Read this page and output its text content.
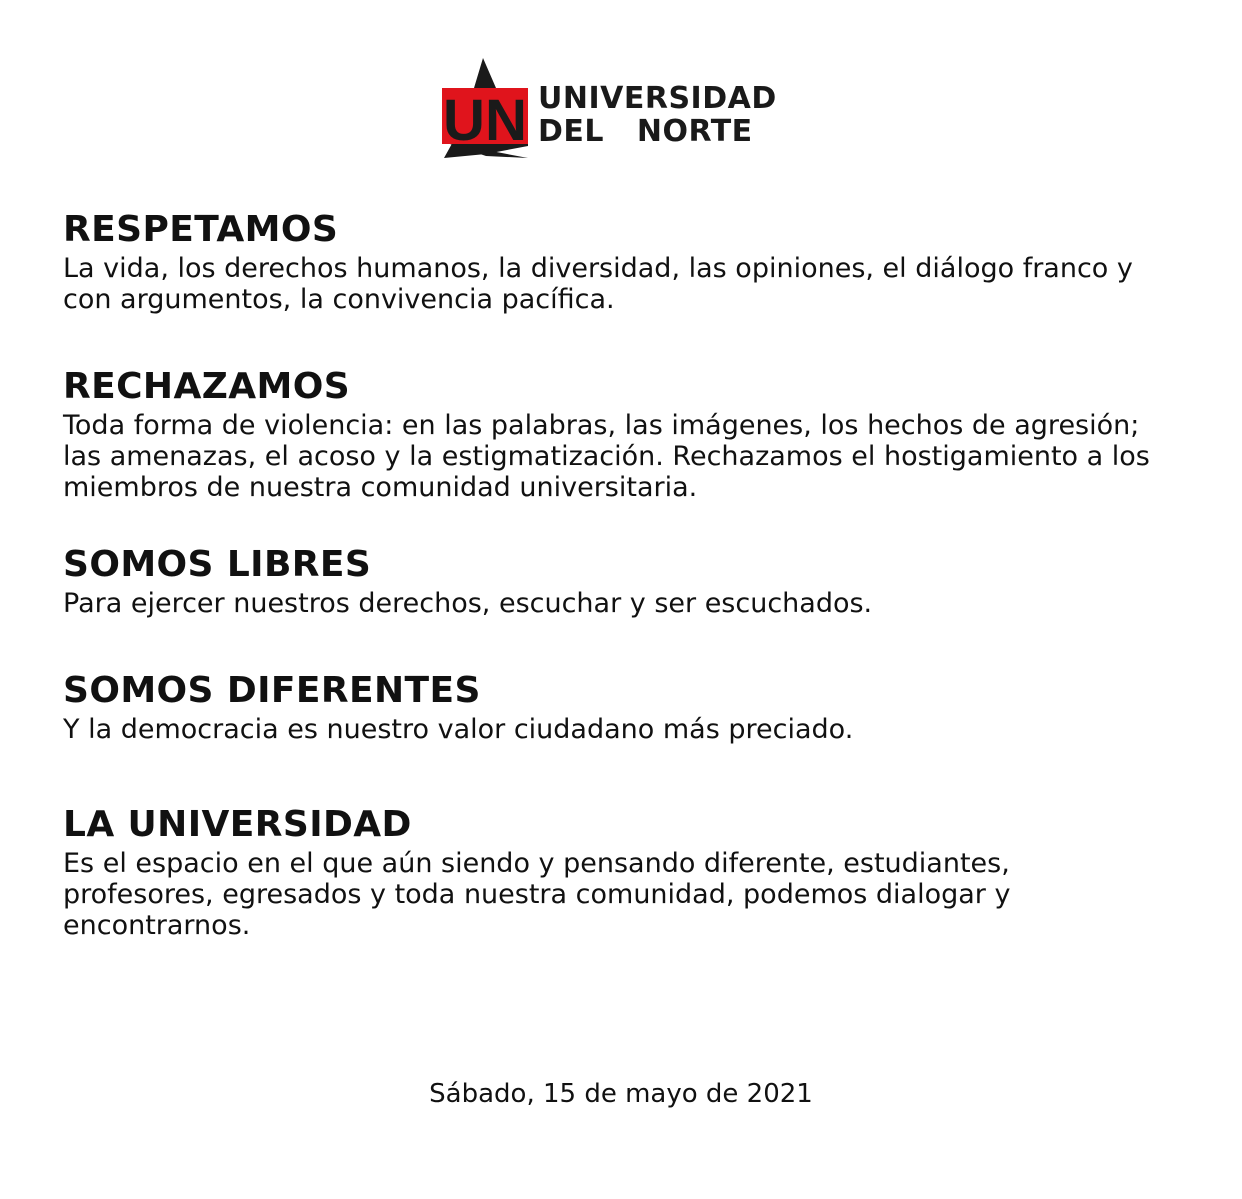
UN UNIVERSIDAD
DEL   NORTE
RESPETAMOS

La vida, los derechos humanos, la diversidad, las opiniones, el diálogo franco y con argumentos, la convivencia pacífica.

RECHAZAMOS

Toda forma de violencia: en las palabras, las imágenes, los hechos de agresión; las amenazas, el acoso y la estigmatización. Rechazamos el hostigamiento a los miembros de nuestra comunidad universitaria.

SOMOS LIBRES

Para ejercer nuestros derechos, escuchar y ser escuchados.

SOMOS DIFERENTES

Y la democracia es nuestro valor ciudadano más preciado.

LA UNIVERSIDAD

Es el espacio en el que aún siendo y pensando diferente, estudiantes, profesores, egresados y toda nuestra comunidad, podemos dialogar y encontrarnos.

Sábado, 15 de mayo de 2021
